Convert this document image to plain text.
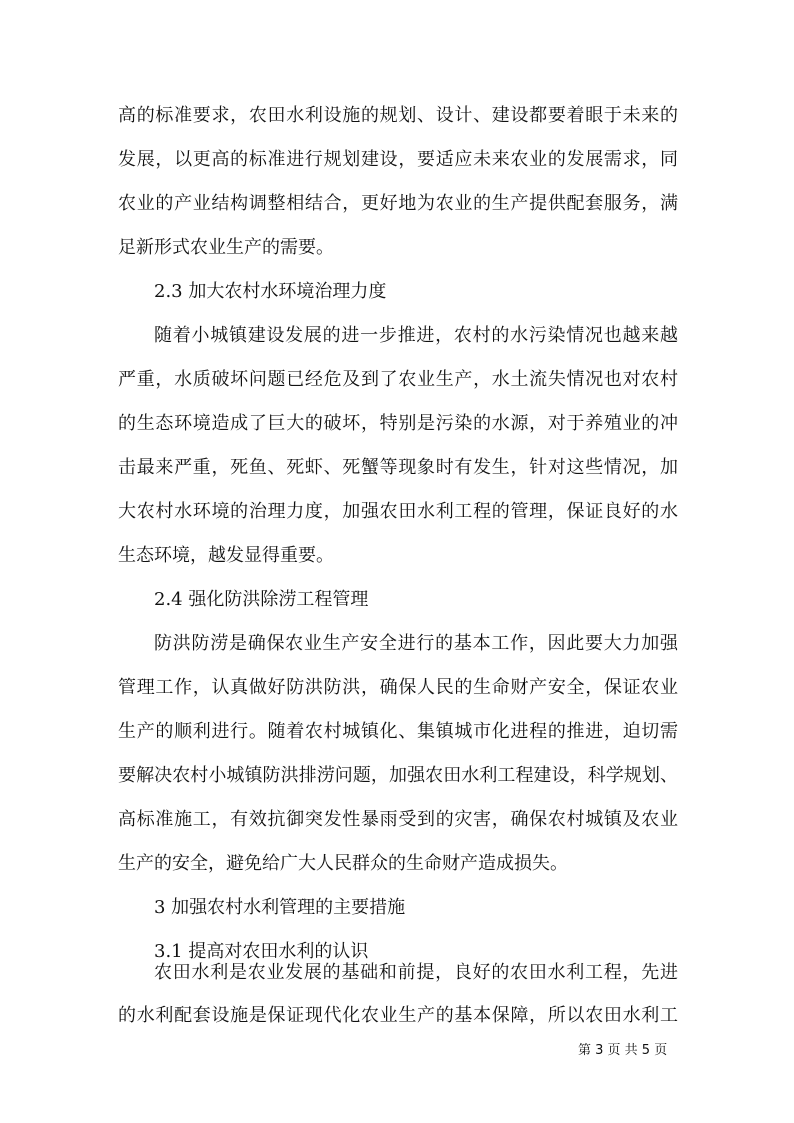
高的标准要求，农田水利设施的规划、设计、建设都要着眼于未来的
发展，以更高的标准进行规划建设，要适应未来农业的发展需求，同
农业的产业结构调整相结合，更好地为农业的生产提供配套服务，满
足新形式农业生产的需要。
2.3 加大农村水环境治理力度
随着小城镇建设发展的进一步推进，农村的水污染情况也越来越
严重，水质破坏问题已经危及到了农业生产，水土流失情况也对农村
的生态环境造成了巨大的破坏，特别是污染的水源，对于养殖业的冲
击最来严重，死鱼、死虾、死蟹等现象时有发生，针对这些情况，加
大农村水环境的治理力度，加强农田水利工程的管理，保证良好的水
生态环境，越发显得重要。
2.4 强化防洪除涝工程管理
防洪防涝是确保农业生产安全进行的基本工作，因此要大力加强
管理工作，认真做好防洪防洪，确保人民的生命财产安全，保证农业
生产的顺利进行。随着农村城镇化、集镇城市化进程的推进，迫切需
要解决农村小城镇防洪排涝问题，加强农田水利工程建设，科学规划、
高标准施工，有效抗御突发性暴雨受到的灾害，确保农村城镇及农业
生产的安全，避免给广大人民群众的生命财产造成损失。
3 加强农村水利管理的主要措施
3.1 提高对农田水利的认识
农田水利是农业发展的基础和前提，良好的农田水利工程，先进
的水利配套设施是保证现代化农业生产的基本保障，所以农田水利工
第 3 页 共 5 页
